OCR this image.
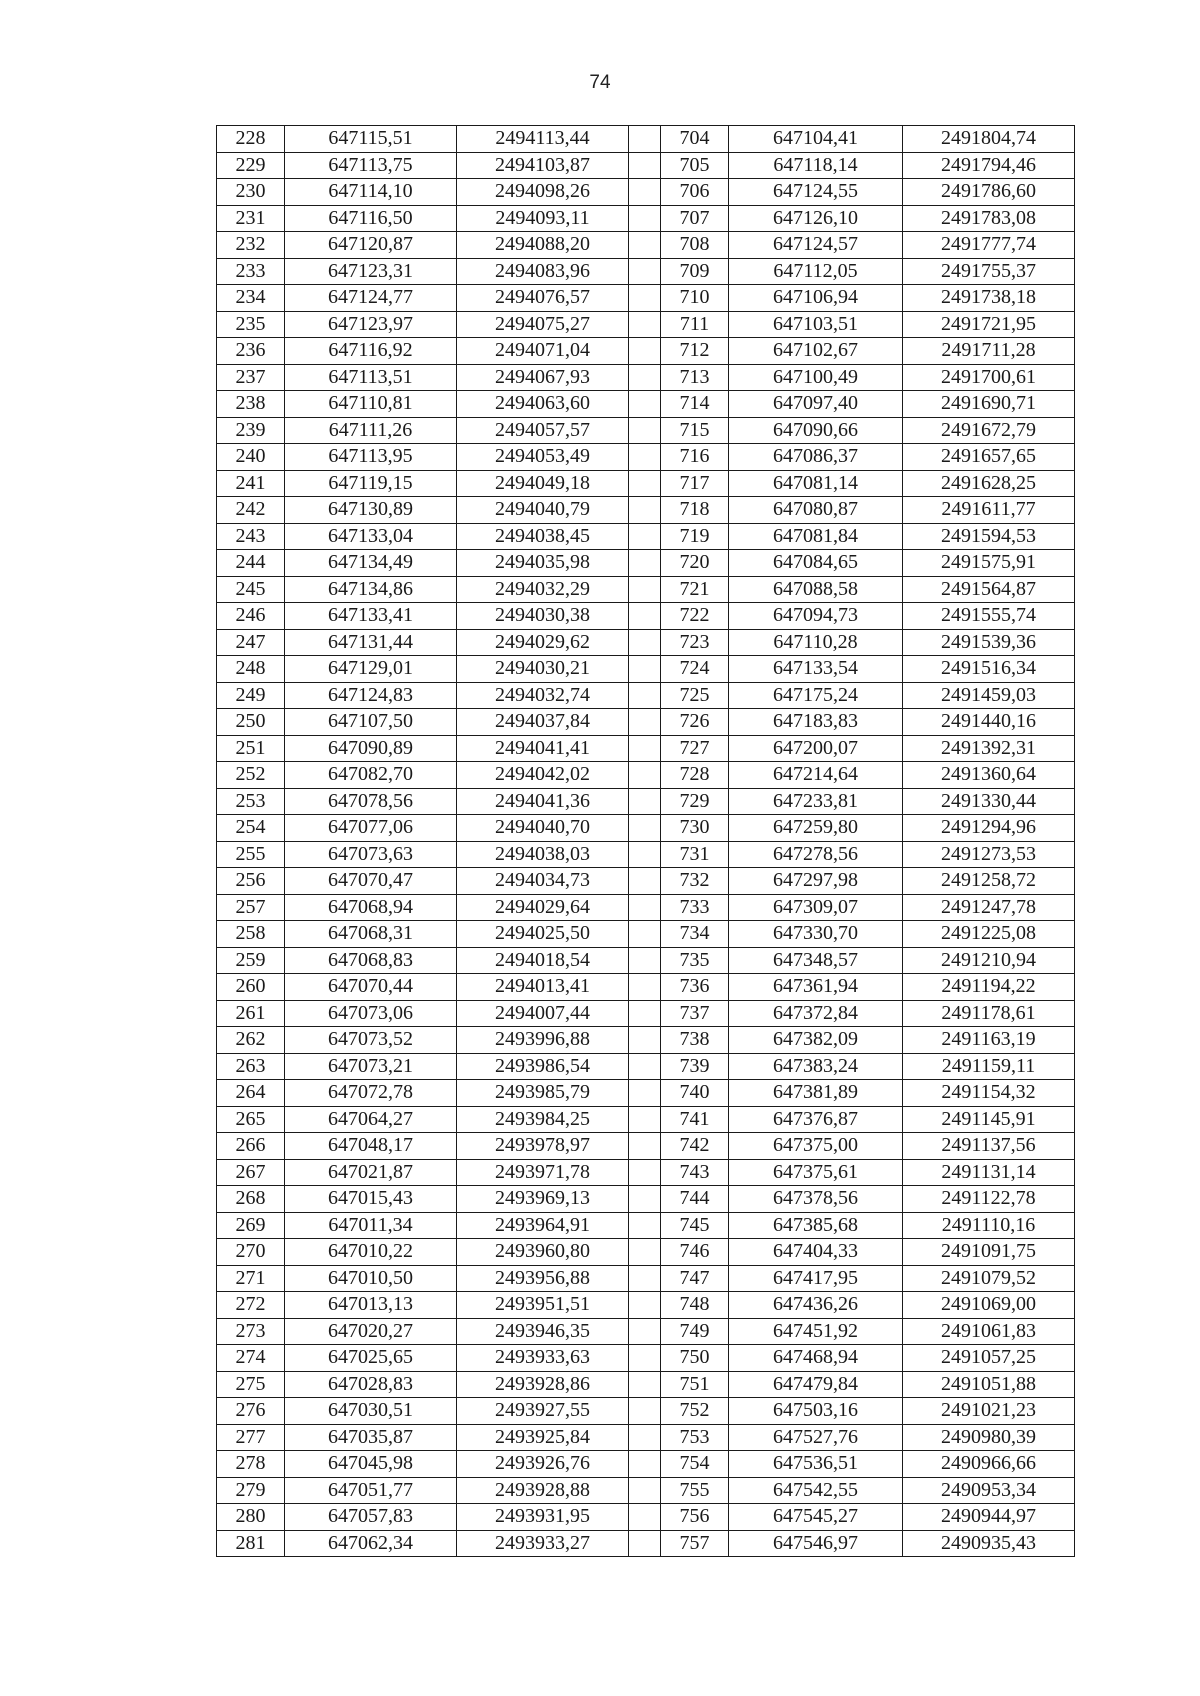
74
228	647115,51	2494113,44		704	647104,41	2491804,74
229	647113,75	2494103,87		705	647118,14	2491794,46
230	647114,10	2494098,26		706	647124,55	2491786,60
231	647116,50	2494093,11		707	647126,10	2491783,08
232	647120,87	2494088,20		708	647124,57	2491777,74
233	647123,31	2494083,96		709	647112,05	2491755,37
234	647124,77	2494076,57		710	647106,94	2491738,18
235	647123,97	2494075,27		711	647103,51	2491721,95
236	647116,92	2494071,04		712	647102,67	2491711,28
237	647113,51	2494067,93		713	647100,49	2491700,61
238	647110,81	2494063,60		714	647097,40	2491690,71
239	647111,26	2494057,57		715	647090,66	2491672,79
240	647113,95	2494053,49		716	647086,37	2491657,65
241	647119,15	2494049,18		717	647081,14	2491628,25
242	647130,89	2494040,79		718	647080,87	2491611,77
243	647133,04	2494038,45		719	647081,84	2491594,53
244	647134,49	2494035,98		720	647084,65	2491575,91
245	647134,86	2494032,29		721	647088,58	2491564,87
246	647133,41	2494030,38		722	647094,73	2491555,74
247	647131,44	2494029,62		723	647110,28	2491539,36
248	647129,01	2494030,21		724	647133,54	2491516,34
249	647124,83	2494032,74		725	647175,24	2491459,03
250	647107,50	2494037,84		726	647183,83	2491440,16
251	647090,89	2494041,41		727	647200,07	2491392,31
252	647082,70	2494042,02		728	647214,64	2491360,64
253	647078,56	2494041,36		729	647233,81	2491330,44
254	647077,06	2494040,70		730	647259,80	2491294,96
255	647073,63	2494038,03		731	647278,56	2491273,53
256	647070,47	2494034,73		732	647297,98	2491258,72
257	647068,94	2494029,64		733	647309,07	2491247,78
258	647068,31	2494025,50		734	647330,70	2491225,08
259	647068,83	2494018,54		735	647348,57	2491210,94
260	647070,44	2494013,41		736	647361,94	2491194,22
261	647073,06	2494007,44		737	647372,84	2491178,61
262	647073,52	2493996,88		738	647382,09	2491163,19
263	647073,21	2493986,54		739	647383,24	2491159,11
264	647072,78	2493985,79		740	647381,89	2491154,32
265	647064,27	2493984,25		741	647376,87	2491145,91
266	647048,17	2493978,97		742	647375,00	2491137,56
267	647021,87	2493971,78		743	647375,61	2491131,14
268	647015,43	2493969,13		744	647378,56	2491122,78
269	647011,34	2493964,91		745	647385,68	2491110,16
270	647010,22	2493960,80		746	647404,33	2491091,75
271	647010,50	2493956,88		747	647417,95	2491079,52
272	647013,13	2493951,51		748	647436,26	2491069,00
273	647020,27	2493946,35		749	647451,92	2491061,83
274	647025,65	2493933,63		750	647468,94	2491057,25
275	647028,83	2493928,86		751	647479,84	2491051,88
276	647030,51	2493927,55		752	647503,16	2491021,23
277	647035,87	2493925,84		753	647527,76	2490980,39
278	647045,98	2493926,76		754	647536,51	2490966,66
279	647051,77	2493928,88		755	647542,55	2490953,34
280	647057,83	2493931,95		756	647545,27	2490944,97
281	647062,34	2493933,27		757	647546,97	2490935,43
